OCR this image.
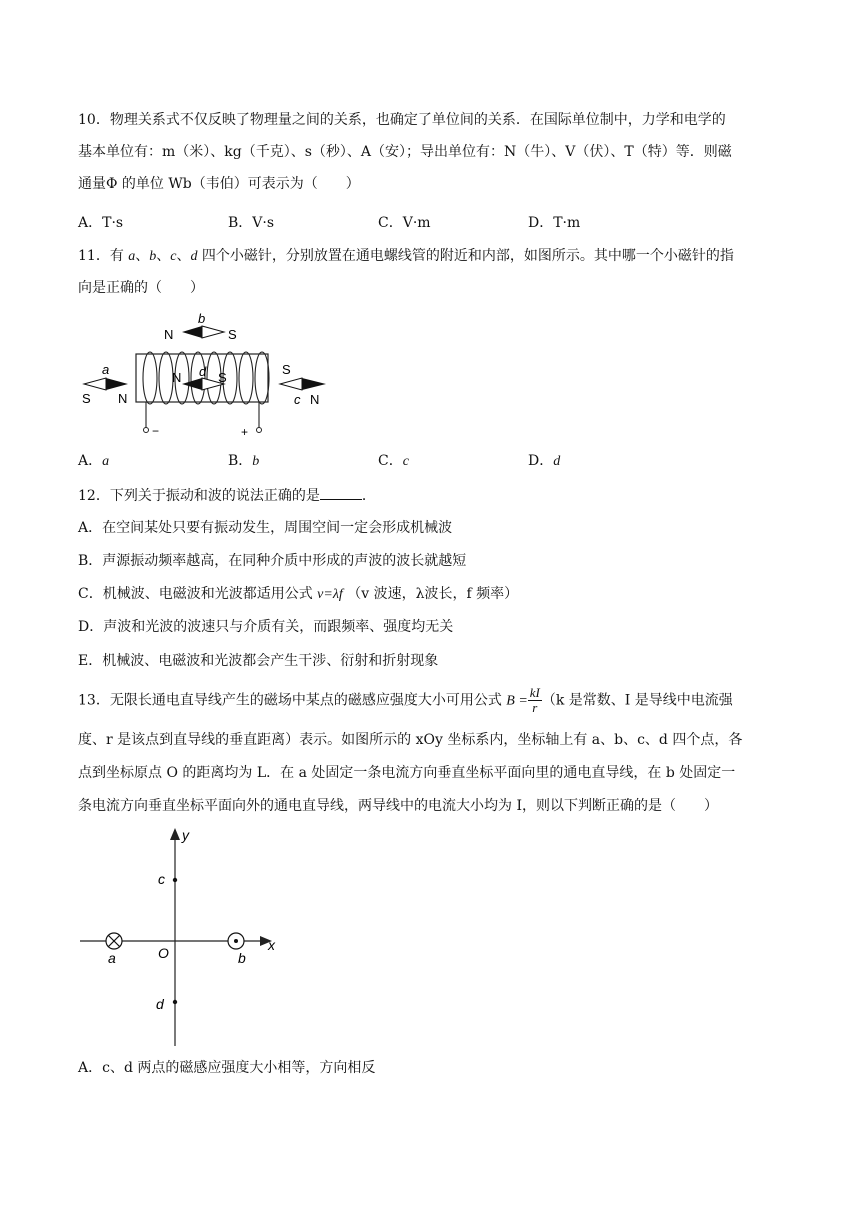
10．物理关系式不仅反映了物理量之间的关系，也确定了单位间的关系．在国际单位制中，力学和电学的
基本单位有：m（米）、kg（千克）、s（秒）、A（安）；导出单位有：N（牛）、V（伏）、T（特）等．则磁
通量Φ 的单位 Wb（韦伯）可表示为（　　）
A．T·s	B．V·s	C．V·m	D．T·m
11．有 a、b、c、d 四个小磁针，分别放置在通电螺线管的附近和内部，如图所示。其中哪一个小磁针的指
向是正确的（　　）
−	+
N	S
b
N	S
d
S N
a	S
c N
A．a	B．b	C．c	D．d
12．下列关于振动和波的说法正确的是	．
A．在空间某处只要有振动发生，周围空间一定会形成机械波
B．声源振动频率越高，在同种介质中形成的声波的波长就越短
C．机械波、电磁波和光波都适用公式 v=λf （v 波速，λ波长，f 频率）
D．声波和光波的波速只与介质有关，而跟频率、强度均无关
E．机械波、电磁波和光波都会产生干涉、衍射和折射现象
13．无限长通电直导线产生的磁场中某点的磁感应强度大小可用公式 $B = \frac{kI}{r} (k$ 是常数、I 是导线中电流强
度、r 是该点到直导线的垂直距离）表示。如图所示的 xOy 坐标系内，坐标轴上有 a、b、c、d 四个点，各
点到坐标原点 O 的距离均为 L．在 a 处固定一条电流方向垂直坐标平面向里的通电直导线，在 b 处固定一
条电流方向垂直坐标平面向外的通电直导线，两导线中的电流大小均为 I，则以下判断正确的是（　　）
y
x
O
c
d
a	b
A．c、d 两点的磁感应强度大小相等，方向相反
